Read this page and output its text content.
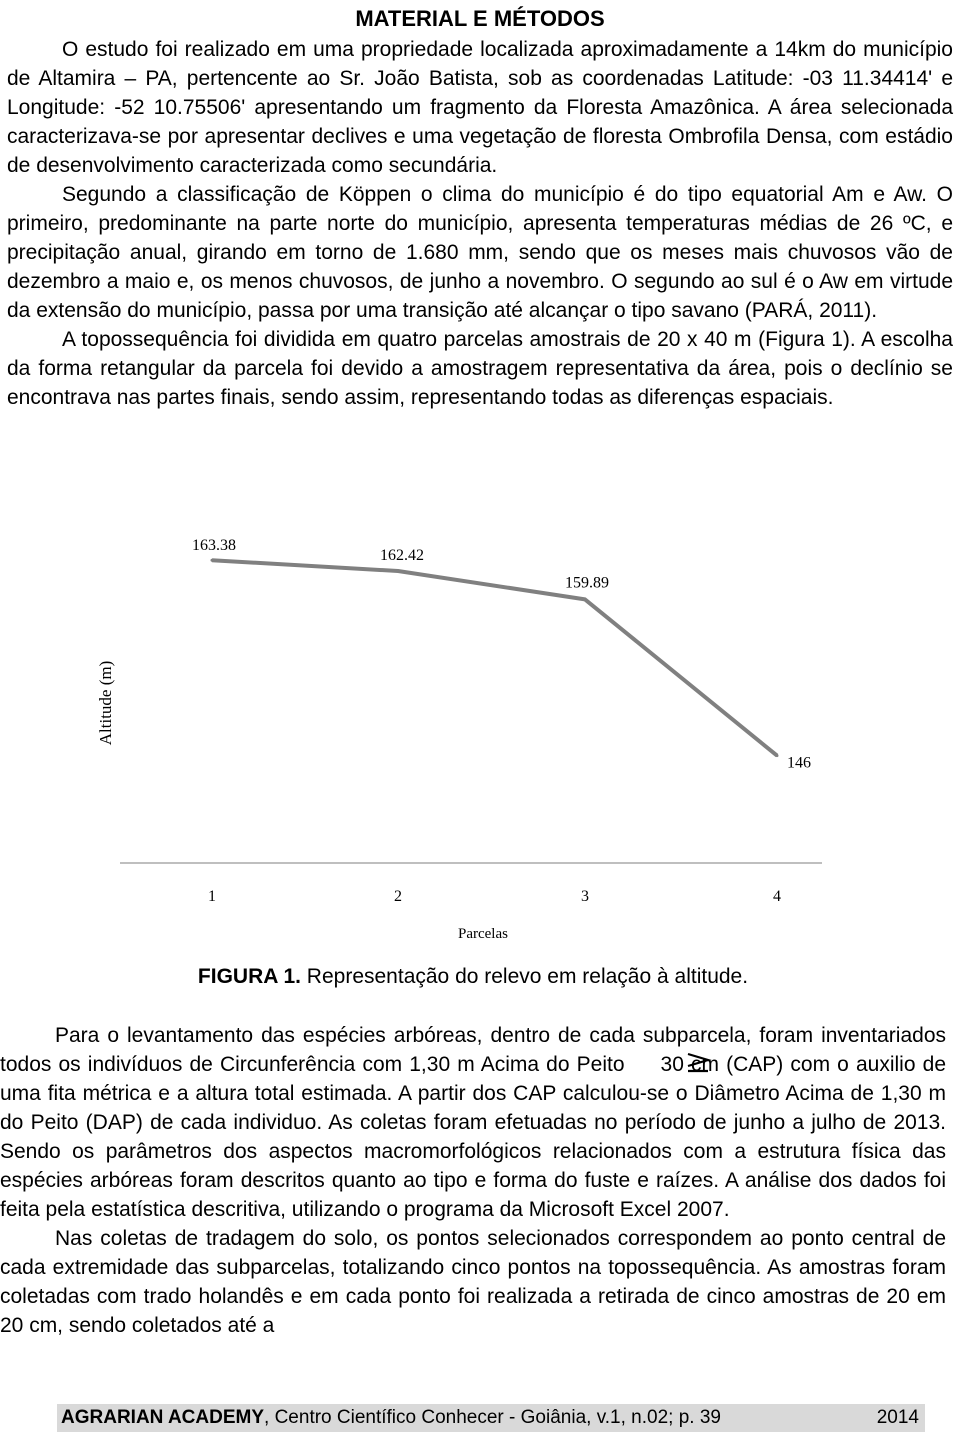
MATERIAL E MÉTODOS

O estudo foi realizado em uma propriedade localizada aproximadamente a 14km do município de Altamira – PA, pertencente ao Sr. João Batista, sob as coordenadas Latitude: -03 11.34414' e Longitude: -52 10.75506' apresentando um fragmento da Floresta Amazônica. A área selecionada caracterizava-se por apresentar declives e uma vegetação de floresta Ombrofila Densa, com estádio de desenvolvimento caracterizada como secundária.

Segundo a classificação de Köppen o clima do município é do tipo equatorial Am e Aw. O primeiro, predominante na parte norte do município, apresenta temperaturas médias de 26 ºC, e precipitação anual, girando em torno de 1.680 mm, sendo que os meses mais chuvosos vão de dezembro a maio e, os menos chuvosos, de junho a novembro. O segundo ao sul é o Aw em virtude da extensão do município, passa por uma transição até alcançar o tipo savano (PARÁ, 2011).

A topossequência foi dividida em quatro parcelas amostrais de 20 x 40 m (Figura 1). A escolha da forma retangular da parcela foi devido a amostragem representativa da área, pois o declínio se encontrava nas partes finais, sendo assim, representando todas as diferenças espaciais.

163.38
162.42
159.89
146
1	2	3	4
Parcelas
Altitude (m)
FIGURA 1. Representação do relevo em relação à altitude.

Para o levantamento das espécies arbóreas, dentro de cada subparcela, foram inventariados todos os indivíduos de Circunferência com 1,30 m Acima do Peito 30 cm (CAP) com o auxilio de uma fita métrica e a altura total estimada. A partir dos CAP calculou-se o Diâmetro Acima de 1,30 m do Peito (DAP) de cada individuo. As coletas foram efetuadas no período de junho a julho de 2013. Sendo os parâmetros dos aspectos macromorfológicos relacionados com a estrutura física das espécies arbóreas foram descritos quanto ao tipo e forma do fuste e raízes. A análise dos dados foi feita pela estatística descritiva, utilizando o programa da Microsoft Excel 2007.

Nas coletas de tradagem do solo, os pontos selecionados correspondem ao ponto central de cada extremidade das subparcelas, totalizando cinco pontos na topossequência. As amostras foram coletadas com trado holandês e em cada ponto foi realizada a retirada de cinco amostras de 20 em 20 cm, sendo coletados até a

AGRARIAN ACADEMY, Centro Científico Conhecer - Goiânia, v.1, n.02; p. 39	2014
